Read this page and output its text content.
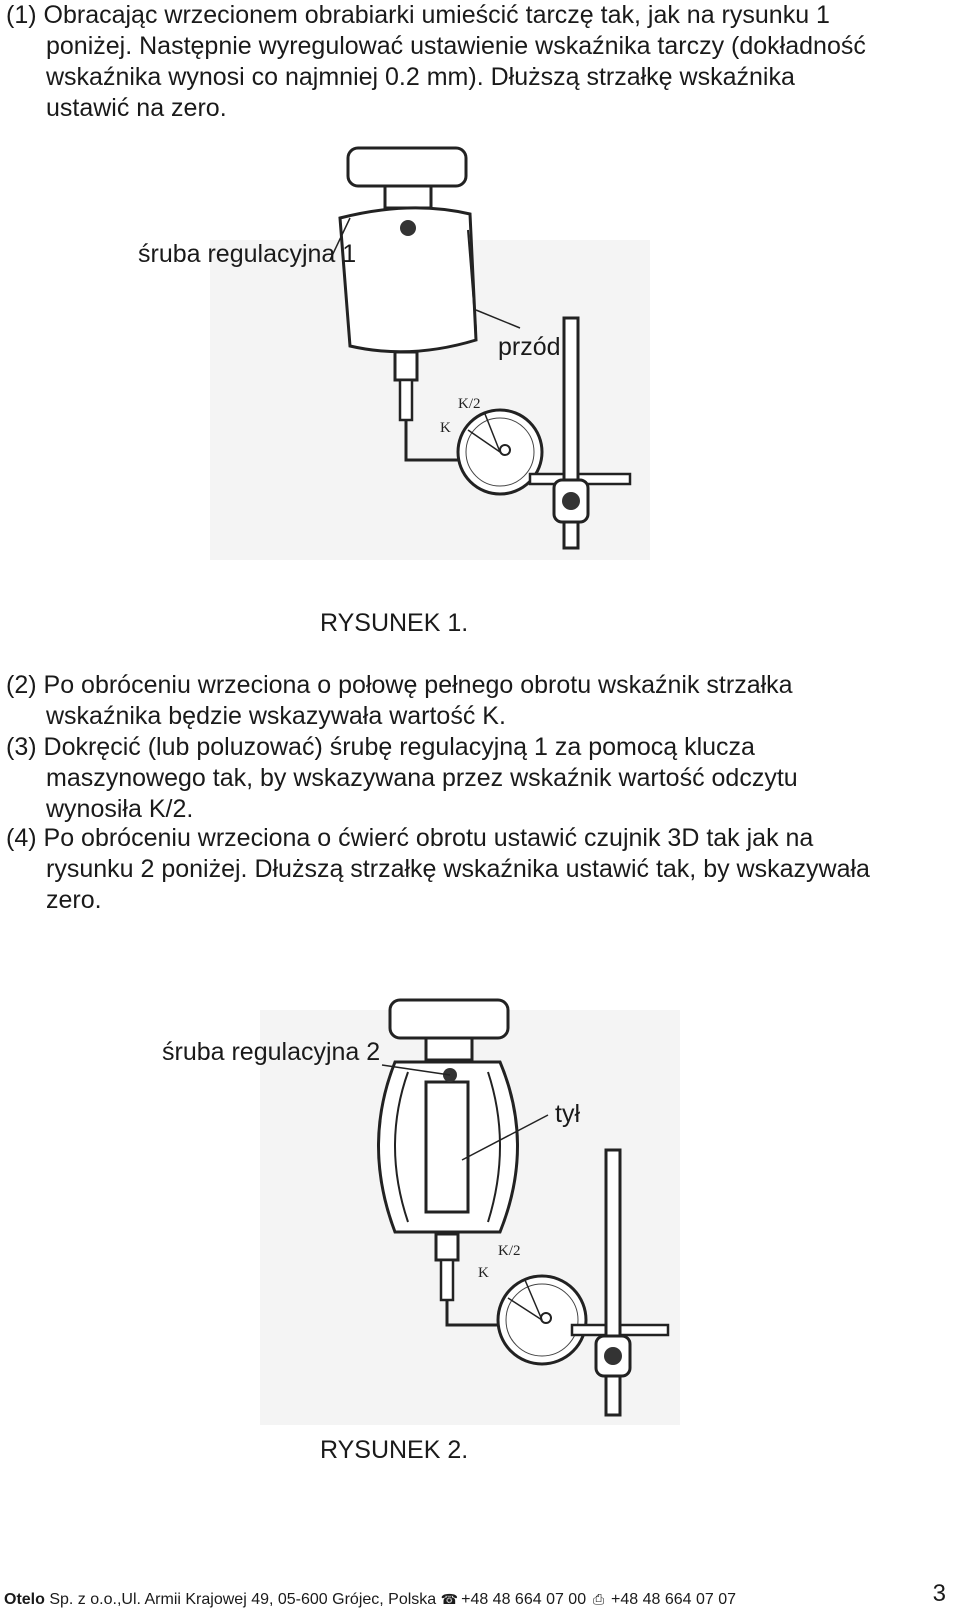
(1) Obracając wrzecionem obrabiarki umieścić tarczę tak, jak na rysunku 1
poniżej. Następnie wyregulować ustawienie wskaźnika tarczy (dokładność
wskaźnika wynosi co najmniej 0.2 mm). Dłuższą strzałkę wskaźnika
ustawić na zero.
K/2
K
śruba regulacyjna 1
przód
RYSUNEK 1.
(2) Po obróceniu wrzeciona o połowę pełnego obrotu wskaźnik strzałka
wskaźnika będzie wskazywała wartość K.
(3) Dokręcić (lub poluzować) śrubę regulacyjną 1 za pomocą klucza
maszynowego tak, by wskazywana przez wskaźnik wartość odczytu
wynosiła K/2.
(4) Po obróceniu wrzeciona o ćwierć obrotu ustawić czujnik 3D tak jak na
rysunku 2 poniżej. Dłuższą strzałkę wskaźnika ustawić tak, by wskazywała
zero.
K/2
K
śruba regulacyjna 2
tył
RYSUNEK 2.
Otelo Sp. z o.o.,Ul. Armii Krajowej 49, 05-600 Grójec, Polska ☎ +48 48 664 07 00 ⎙ +48 48 664 07 07	3
